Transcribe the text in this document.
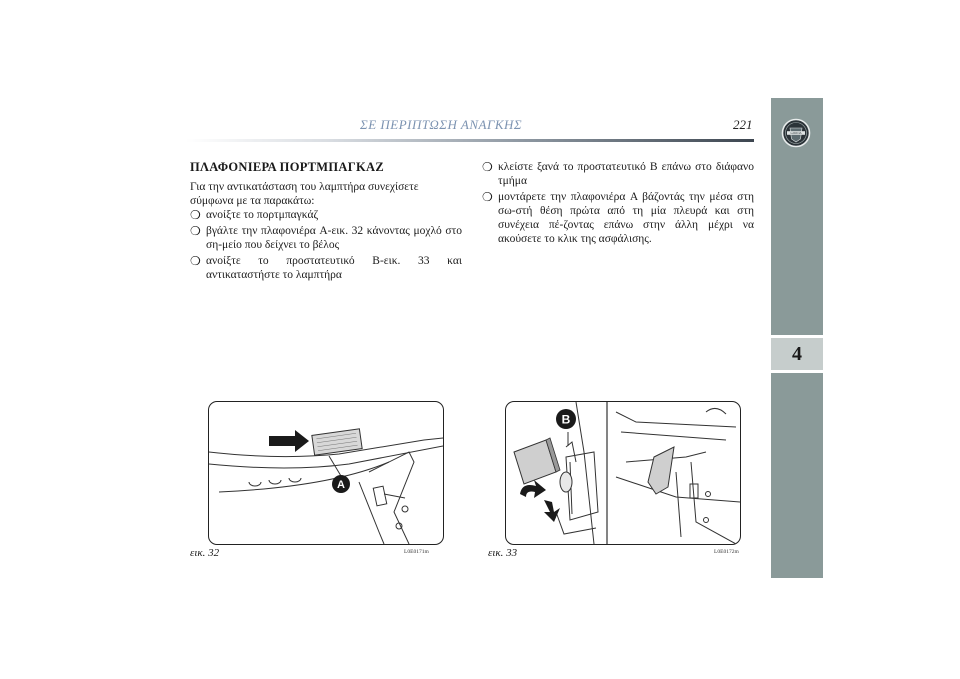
ΣΕ ΠΕΡΙΠΤΩΣΗ ΑΝΑΓΚΗΣ	221
4
LANCIA
ΠΛΑΦΟΝΙΕΡΑ ΠΟΡΤΜΠΑΓΚΑΖ
Για την αντικατάσταση του λαμπτήρα συνεχίσετε σύμφωνα με τα παρακάτω:
❍ ανοίξτε το πορτμπαγκάζ
❍ βγάλτε την πλαφονιέρα A-εικ. 32 κάνοντας μοχλό στο ση-μείο που δείχνει το βέλος
❍ ανοίξτε το προστατευτικό B-εικ. 33 και αντικαταστήστε το λαμπτήρα
❍ κλείστε ξανά το προστατευτικό B επάνω στο διάφανο τμήμα
❍ μοντάρετε την πλαφονιέρα A βάζοντάς την μέσα στη σω-στή θέση πρώτα από τη μία πλευρά και στη συνέχεια πέ-ζοντας επάνω στην άλλη μέχρι να ακούσετε το κλικ της ασφάλισης.
A
εικ. 32	L0E0171m
B
εικ. 33	L0E0172m
